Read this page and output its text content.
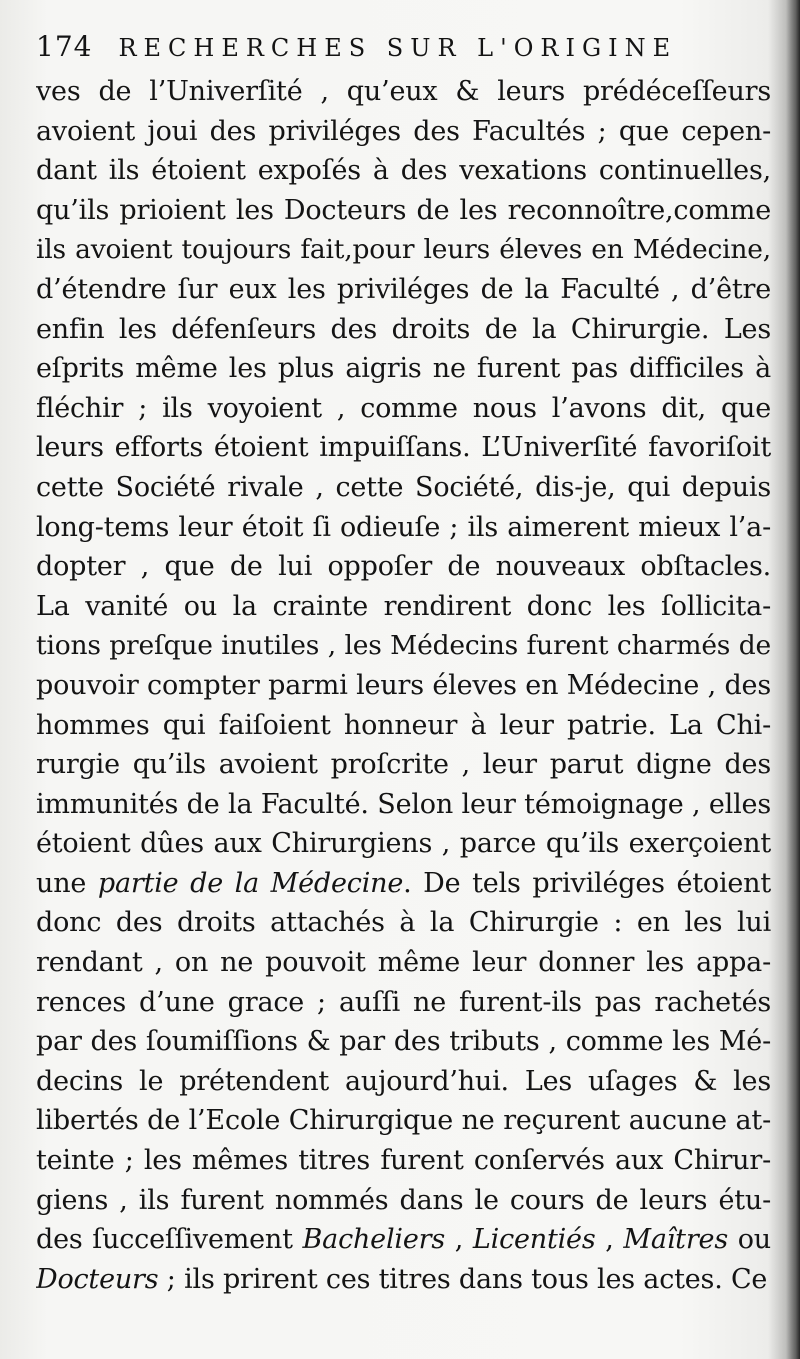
174 RECHERCHES SUR L'ORIGINE
ves de l’Univerſité , qu’eux & leurs prédéceſſeurs
avoient joui des priviléges des Facultés ; que cepen-
dant ils étoient expoſés à des vexations continuelles,
qu’ils prioient les Docteurs de les reconnoître,comme
ils avoient toujours fait,pour leurs éleves en Médecine,
d’étendre ſur eux les priviléges de la Faculté , d’être
enfin les défenſeurs des droits de la Chirurgie. Les
eſprits même les plus aigris ne furent pas difficiles à
fléchir ; ils voyoient , comme nous l’avons dit, que
leurs efforts étoient impuiſſans. L’Univerſité favoriſoit
cette Société rivale , cette Société, dis-je, qui depuis
long-tems leur étoit ſi odieuſe ; ils aimerent mieux l’a-
dopter , que de lui oppoſer de nouveaux obſtacles.
La vanité ou la crainte rendirent donc les ſollicita-
tions preſque inutiles , les Médecins furent charmés de
pouvoir compter parmi leurs éleves en Médecine , des
hommes qui faiſoient honneur à leur patrie. La Chi-
rurgie qu’ils avoient proſcrite , leur parut digne des
immunités de la Faculté. Selon leur témoignage , elles
étoient dûes aux Chirurgiens , parce qu’ils exerçoient
une partie de la Médecine. De tels priviléges étoient
donc des droits attachés à la Chirurgie : en les lui
rendant , on ne pouvoit même leur donner les appa-
rences d’une grace ; auſſi ne furent-ils pas rachetés
par des ſoumiſſions & par des tributs , comme les Mé-
decins le prétendent aujourd’hui. Les uſages & les
libertés de l’Ecole Chirurgique ne reçurent aucune at-
teinte ; les mêmes titres furent conſervés aux Chirur-
giens , ils furent nommés dans le cours de leurs étu-
des ſucceſſivement Bacheliers , Licentiés , Maîtres ou
Docteurs ; ils prirent ces titres dans tous les actes. Ce
